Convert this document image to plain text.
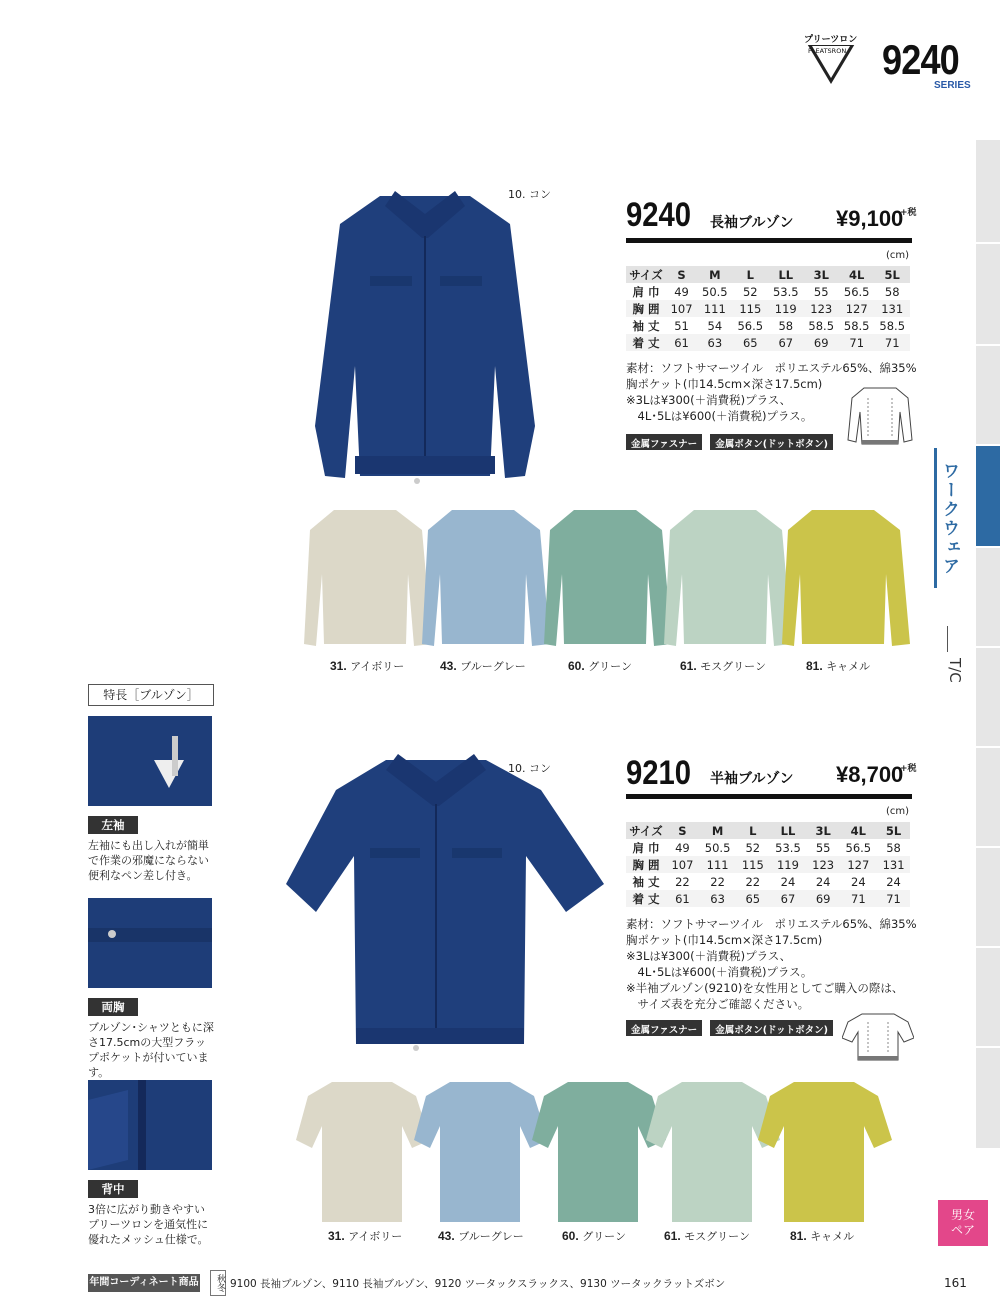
プリーツロン
PLEATSRON 9240
SERIES
ワークウェア
T/C
男女ペア
10. コン
9240 長袖ブルゾン ¥9,100
+税
(cm)
サイズ	S	M	L	LL	3L	4L	5L
肩 巾	49	50.5	52	53.5	55	56.5	58
胸 囲	107	111	115	119	123	127	131
袖 丈	51	54	56.5	58	58.5	58.5	58.5
着 丈	61	63	65	67	69	71	71
素材：ソフトサマーツイル　ポリエステル65%、綿35%
胸ポケット(巾14.5cm×深さ17.5cm)
※3Lは¥300(＋消費税)プラス、
　4L･5Lは¥600(＋消費税)プラス。
金属ファスナー 金属ボタン(ドットボタン)
31. アイボリー	43. ブルーグレー	60. グリーン	61. モスグリーン	81. キャメル
特長［ブルゾン］
左袖
左袖にも出し入れが簡単
で作業の邪魔にならない
便利なペン差し付き。
両胸
ブルゾン･シャツともに深
さ17.5cmの大型フラッ
プポケットが付いています。
背中
3倍に広がり動きやすい
プリーツロンを通気性に
優れたメッシュ仕様で。
10. コン 9210 半袖ブルゾン ¥8,700
+税
(cm)
サイズ	S	M	L	LL	3L	4L	5L
肩 巾	49	50.5	52	53.5	55	56.5	58
胸 囲	107	111	115	119	123	127	131
袖 丈	22	22	22	24	24	24	24
着 丈	61	63	65	67	69	71	71
素材：ソフトサマーツイル　ポリエステル65%、綿35%
胸ポケット(巾14.5cm×深さ17.5cm)
※3Lは¥300(＋消費税)プラス、
　4L･5Lは¥600(＋消費税)プラス。
※半袖ブルゾン(9210)を女性用としてご購入の際は、
　サイズ表を充分ご確認ください。
金属ファスナー 金属ボタン(ドットボタン)
31. アイボリー	43. ブルーグレー	60. グリーン	61. モスグリーン	81. キャメル
年間コーディネート商品	秋冬 9100 長袖ブルゾン、9110 長袖ブルゾン、9120 ツータックスラックス、9130 ツータックラットズボン	161
